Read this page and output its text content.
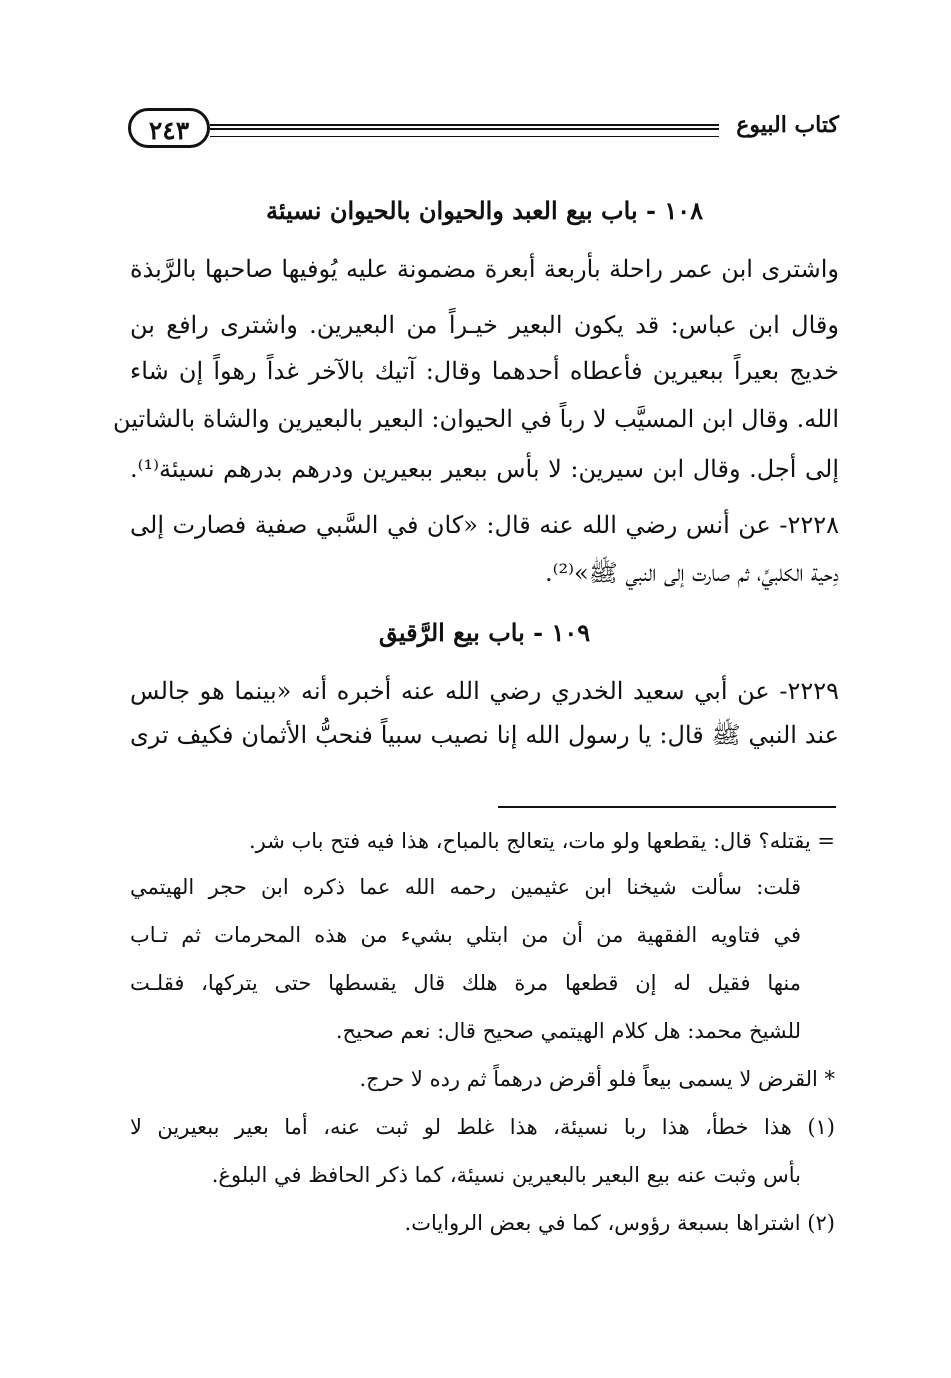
كتاب البيوع
٢٤٣
١٠٨ - باب بيع العبد والحيوان بالحيوان نسيئة
واشترى ابن عمر راحلة بأربعة أبعرة مضمونة عليه يُوفيها صاحبها بالرَّبذة
وقال ابن عباس: قد يكون البعير خيـراً من البعيرين. واشترى رافع بن
خديج بعيراً ببعيرين فأعطاه أحدهما وقال: آتيك بالآخر غداً رهواً إن شاء
الله. وقال ابن المسيَّب لا رباً في الحيوان: البعير بالبعيرين والشاة بالشاتين
إلى أجل. وقال ابن سيرين: لا بأس ببعير ببعيرين ودرهم بدرهم نسيئة⁽¹⁾.
٢٢٢٨- عن أنس رضي الله عنه قال: «كان في السَّبي صفية فصارت إلى
دِحية الكلبيِّ، ثم صارت إلى النبي ﷺ»⁽²⁾.
١٠٩ - باب بيع الرَّقيق
٢٢٢٩- عن أبي سعيد الخدري رضي الله عنه أخبره أنه «بينما هو جالس
عند النبي ﷺ قال: يا رسول الله إنا نصيب سبياً فنحبُّ الأثمان فكيف ترى
= يقتله؟ قال: يقطعها ولو مات، يتعالج بالمباح، هذا فيه فتح باب شر.
قلت: سألت شيخنا ابن عثيمين رحمه الله عما ذكره ابن حجر الهيتمي
في فتاويه الفقهية من أن من ابتلي بشيء من هذه المحرمات ثم تـاب
منها فقيل له إن قطعها مرة هلك قال يقسطها حتى يتركها، فقلـت
للشيخ محمد: هل كلام الهيتمي صحيح قال: نعم صحيح.
* القرض لا يسمى بيعاً فلو أقرض درهماً ثم رده لا حرج.
(١) هذا خطأ، هذا ربا نسيئة، هذا غلط لو ثبت عنه، أما بعير ببعيرين لا
بأس وثبت عنه بيع البعير بالبعيرين نسيئة، كما ذكر الحافظ في البلوغ.
(٢) اشتراها بسبعة رؤوس، كما في بعض الروايات.
